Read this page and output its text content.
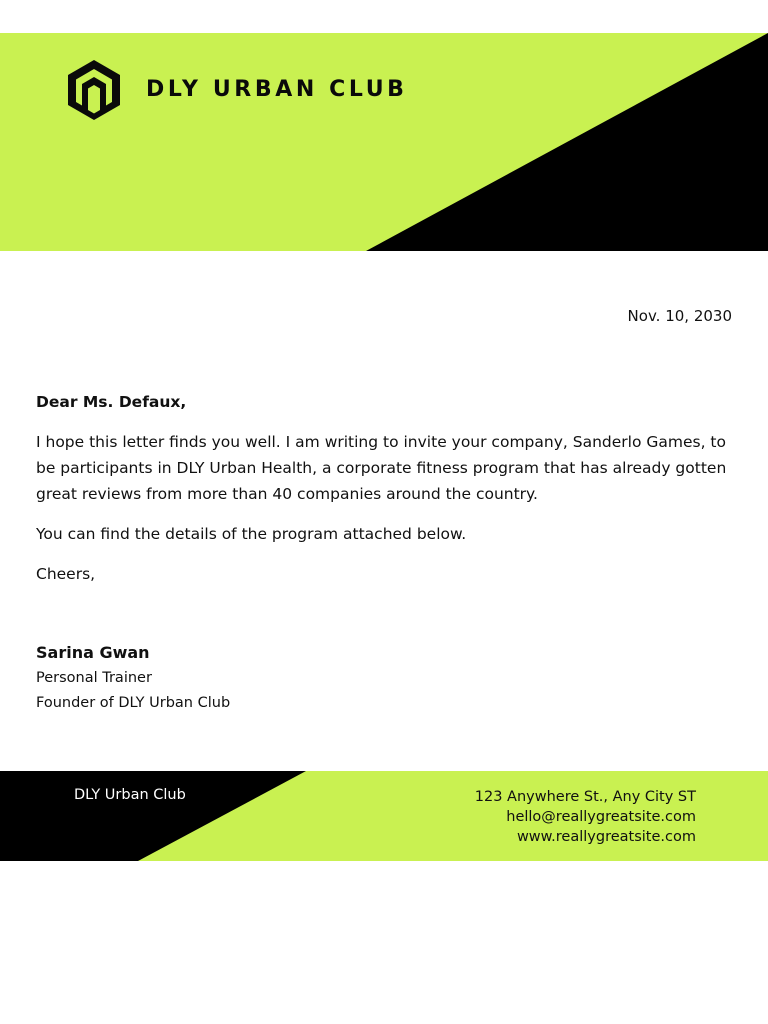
DLY URBAN CLUB
Nov. 10, 2030
Dear Ms. Defaux,

I hope this letter finds you well. I am writing to invite your company, Sanderlo Games, to be participants in DLY Urban Health, a corporate fitness program that has already gotten great reviews from more than 40 companies around the country.

You can find the details of the program attached below.

Cheers,

Sarina Gwan
Personal Trainer
Founder of DLY Urban Club
DLY Urban Club	123 Anywhere St., Any City ST
hello@reallygreatsite.com
www.reallygreatsite.com
